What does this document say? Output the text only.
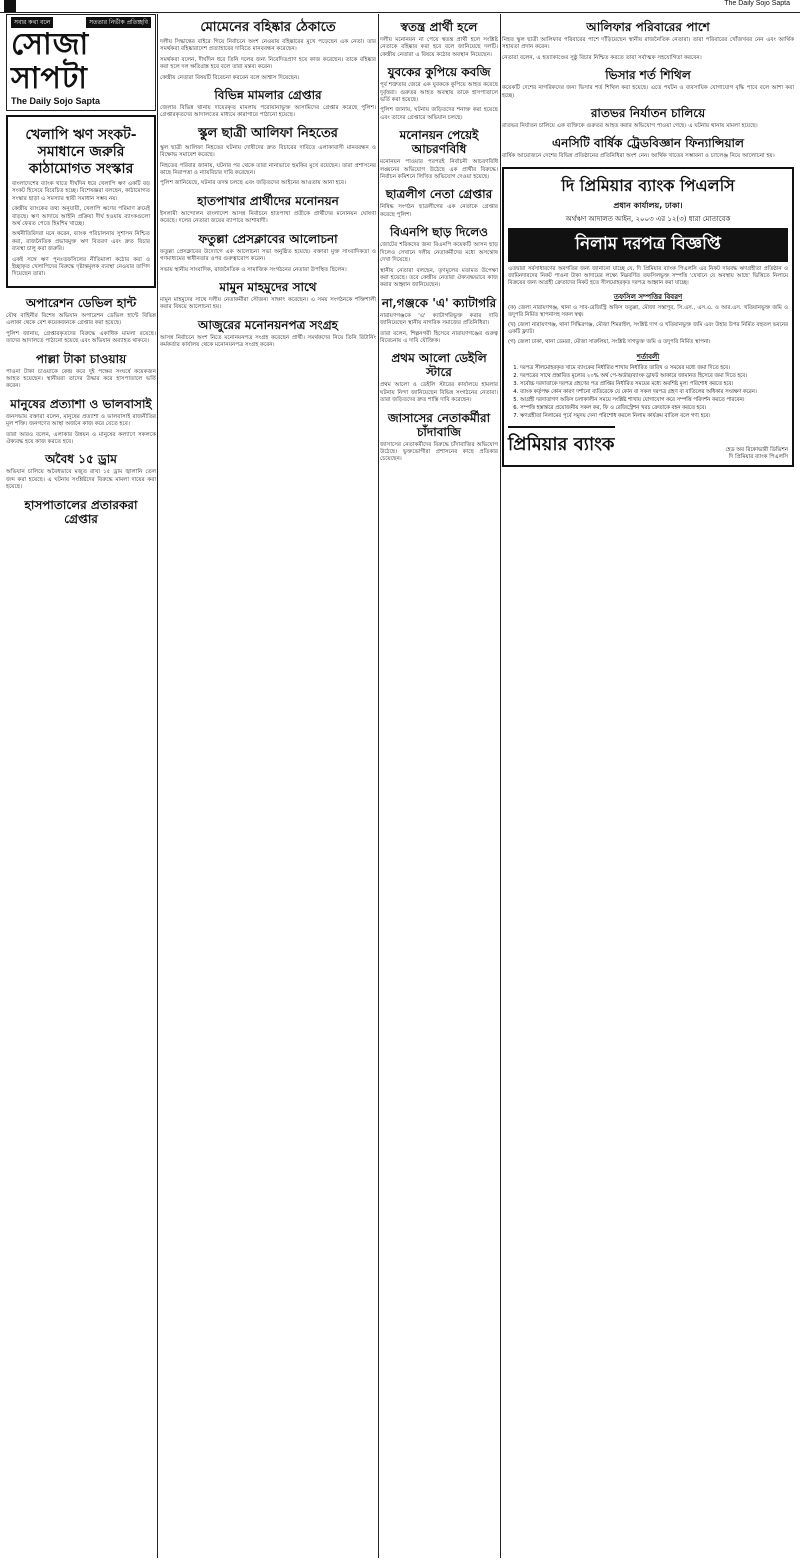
The Daily Sojo Sapta
সবার কথা বলে	সততার নির্ভীক প্রতিচ্ছবি
সোজা সাপটা
The Daily Sojo Sapta
খেলাপি ঋণ সংকট-সমাধানে জরুরি কাঠামোগত সংস্কার

বাংলাদেশের ব্যাংক খাতে দীর্ঘদিন ধরে খেলাপি ঋণ একটি বড় সংকট হিসেবে বিবেচিত হচ্ছে। বিশেষজ্ঞরা বলছেন, কাঠামোগত সংস্কার ছাড়া এ সমস্যার স্থায়ী সমাধান সম্ভব নয়।

কেন্দ্রীয় ব্যাংকের তথ্য অনুযায়ী, খেলাপি ঋণের পরিমাণ ক্রমেই বাড়ছে। ঋণ আদায়ে আইনি প্রক্রিয়া দীর্ঘ হওয়ায় ব্যাংকগুলো অর্থ ফেরত পেতে হিমশিম খাচ্ছে।

অর্থনীতিবিদরা মনে করেন, ব্যাংক পরিচালনায় সুশাসন নিশ্চিত করা, রাজনৈতিক প্রভাবমুক্ত ঋণ বিতরণ এবং দ্রুত বিচার ব্যবস্থা চালু করা জরুরি।

একই সঙ্গে ঋণ পুনঃতফসিলের নীতিমালা কঠোর করা ও ইচ্ছাকৃত খেলাপিদের বিরুদ্ধে দৃষ্টান্তমূলক ব্যবস্থা নেওয়ার তাগিদ দিয়েছেন তারা।

অপারেশন ডেভিল হান্ট

যৌথ বাহিনীর বিশেষ অভিযান অপারেশন ডেভিল হান্টে বিভিন্ন এলাকা থেকে বেশ কয়েকজনকে গ্রেপ্তার করা হয়েছে।

পুলিশ জানায়, গ্রেপ্তারকৃতদের বিরুদ্ধে একাধিক মামলা রয়েছে। তাদের আদালতে পাঠানো হয়েছে এবং অভিযান অব্যাহত থাকবে।

পাল্লা টাকা চাওয়ায়

পাওনা টাকা চাওয়াকে কেন্দ্র করে দুই পক্ষের সংঘর্ষে কয়েকজন আহত হয়েছেন। স্থানীয়রা তাদের উদ্ধার করে হাসপাতালে ভর্তি করেন।

মানুষের প্রত্যাশা ও ভালবাসাই

জনসভায় বক্তারা বলেন, মানুষের প্রত্যাশা ও ভালবাসাই রাজনীতির মূল শক্তি। জনগণের আস্থা অর্জনে কাজ করে যেতে হবে।

তারা আরও বলেন, এলাকার উন্নয়ন ও মানুষের কল্যাণে সকলকে ঐক্যবদ্ধ হয়ে কাজ করতে হবে।

অবৈধ ১৫ ড্রাম

অভিযান চালিয়ে অবৈধভাবে মজুত রাখা ১৫ ড্রাম জ্বালানি তেল জব্দ করা হয়েছে। এ ঘটনায় সংশ্লিষ্টদের বিরুদ্ধে মামলা দায়ের করা হয়েছে।

হাসপাতালের প্রতারকরা গ্রেপ্তার
মোমেনের বহিষ্কার ঠেকাতে

দলীয় সিদ্ধান্তের বাইরে গিয়ে নির্বাচনে অংশ নেওয়ায় বহিষ্কারের মুখে পড়েছেন এক নেতা। তার সমর্থকরা বহিষ্কারাদেশ প্রত্যাহারের দাবিতে মানববন্ধন করেছেন।

সমর্থকরা বলেন, দীর্ঘদিন ধরে তিনি দলের জন্য নিবেদিতপ্রাণ হয়ে কাজ করেছেন। তাকে বহিষ্কার করা হলে দল ক্ষতিগ্রস্ত হবে বলে তারা মন্তব্য করেন।

কেন্দ্রীয় নেতারা বিষয়টি বিবেচনা করবেন বলে আশ্বাস দিয়েছেন।

বিভিন্ন মামলার গ্রেপ্তার

জেলার বিভিন্ন থানায় দায়েরকৃত মামলায় পরোয়ানাভুক্ত আসামিদের গ্রেপ্তার করেছে পুলিশ। গ্রেপ্তারকৃতদের আদালতের মাধ্যমে কারাগারে পাঠানো হয়েছে।

স্কুল ছাত্রী আলিফা নিহতের

স্কুল ছাত্রী আলিফা নিহতের ঘটনায় দোষীদের দ্রুত বিচারের দাবিতে এলাকাবাসী মানববন্ধন ও বিক্ষোভ সমাবেশ করেছে।

নিহতের পরিবার জানায়, ঘটনার পর থেকে তারা নানাভাবে হুমকির মুখে রয়েছেন। তারা প্রশাসনের কাছে নিরাপত্তা ও ন্যায়বিচার দাবি করেছেন।

পুলিশ জানিয়েছে, ঘটনার তদন্ত চলছে এবং জড়িতদের আইনের আওতায় আনা হবে।

হাতপাখার প্রার্থীদের মনোনয়ন

ইসলামী আন্দোলন বাংলাদেশ আসন্ন নির্বাচনে হাতপাখা প্রতীকে প্রার্থীদের মনোনয়ন ঘোষণা করেছে। দলের নেতারা জয়ের ব্যাপারে আশাবাদী।

ফতুল্লা প্রেসক্লাবের আলোচনা

ফতুল্লা প্রেসক্লাবের উদ্যোগে এক আলোচনা সভা অনুষ্ঠিত হয়েছে। বক্তারা মুক্ত সাংবাদিকতা ও গণমাধ্যমের স্বাধীনতার ওপর গুরুত্বারোপ করেন।

সভায় স্থানীয় সাংবাদিক, রাজনৈতিক ও সামাজিক সংগঠনের নেতারা উপস্থিত ছিলেন।

মামুন মাহমুদের সাথে

মামুন মাহমুদের সাথে দলীয় নেতাকর্মীরা সৌজন্য সাক্ষাৎ করেছেন। এ সময় সংগঠনকে শক্তিশালী করার বিষয়ে আলোচনা হয়।

আজুরের মনোনয়নপত্র সংগ্রহ

আসন্ন নির্বাচনে অংশ নিতে মনোনয়নপত্র সংগ্রহ করেছেন প্রার্থী। সমর্থকদের নিয়ে তিনি রিটার্নিং কর্মকর্তার কার্যালয় থেকে মনোনয়নপত্র সংগ্রহ করেন।

স্বতন্ত্র প্রার্থী হলে

দলীয় মনোনয়ন না পেয়ে স্বতন্ত্র প্রার্থী হলে সংশ্লিষ্ট নেতাকে বহিষ্কার করা হবে বলে জানিয়েছে দলটি। কেন্দ্রীয় নেতারা এ বিষয়ে কঠোর অবস্থান নিয়েছেন।

যুবকের কুপিয়ে কবজি

পূর্ব শত্রুতার জেরে এক যুবককে কুপিয়ে আহত করেছে দুর্বৃত্তরা। গুরুতর আহত অবস্থায় তাকে হাসপাতালে ভর্তি করা হয়েছে।

পুলিশ জানায়, ঘটনায় জড়িতদের শনাক্ত করা হয়েছে এবং তাদের গ্রেপ্তারে অভিযান চলছে।

মনোনয়ন পেয়েই আচরণবিধি

মনোনয়ন পাওয়ার পরপরই নির্বাচনী আচরণবিধি লঙ্ঘনের অভিযোগ উঠেছে এক প্রার্থীর বিরুদ্ধে। নির্বাচন কমিশনে লিখিত অভিযোগ দেওয়া হয়েছে।

ছাত্রলীগ নেতা গ্রেপ্তার

নিষিদ্ধ সংগঠন ছাত্রলীগের এক নেতাকে গ্রেপ্তার করেছে পুলিশ।

বিএনপি ছাড় দিলেও

জোটের শরিকদের জন্য বিএনপি কয়েকটি আসন ছাড় দিলেও সেখানে দলীয় নেতাকর্মীদের মধ্যে অসন্তোষ দেখা দিয়েছে।

স্থানীয় নেতারা বলছেন, তৃণমূলের মতামত উপেক্ষা করা হয়েছে। তবে কেন্দ্রীয় নেতারা ঐক্যবদ্ধভাবে কাজ করার আহ্বান জানিয়েছেন।

না,গঞ্জকে 'এ' ক্যাটাগরি

নারায়ণগঞ্জকে 'এ' ক্যাটাগরিভুক্ত করার দাবি জানিয়েছেন স্থানীয় নাগরিক সমাজের প্রতিনিধিরা।

তারা বলেন, শিল্পনগরী হিসেবে নারায়ণগঞ্জের গুরুত্ব বিবেচনায় এ দাবি যৌক্তিক।

প্রথম আলো ডেইলি স্টারে

প্রথম আলো ও ডেইলি স্টারের কার্যালয়ে হামলার ঘটনায় নিন্দা জানিয়েছেন বিভিন্ন সংগঠনের নেতারা। তারা জড়িতদের দ্রুত শাস্তি দাবি করেছেন।

জাসাসের নেতাকর্মীরা চাঁদাবাজি

জাসাসের নেতাকর্মীদের বিরুদ্ধে চাঁদাবাজির অভিযোগ উঠেছে। ভুক্তভোগীরা প্রশাসনের কাছে প্রতিকার চেয়েছেন।

আলিফার পরিবারের পাশে

নিহত স্কুল ছাত্রী আলিফার পরিবারের পাশে দাঁড়িয়েছেন স্থানীয় রাজনৈতিক নেতারা। তারা পরিবারের খোঁজখবর নেন এবং আর্থিক সহায়তা প্রদান করেন।

নেতারা বলেন, এ হত্যাকাণ্ডের সুষ্ঠু বিচার নিশ্চিত করতে তারা সর্বাত্মক সহযোগিতা করবেন।

ভিসার শর্ত শিথিল

কয়েকটি দেশের নাগরিকদের জন্য ভিসার শর্ত শিথিল করা হয়েছে। এতে পর্যটন ও ব্যবসায়িক যোগাযোগ বৃদ্ধি পাবে বলে আশা করা হচ্ছে।

রাতভর নির্যাতন চালিয়ে

রাতভর নির্যাতন চালিয়ে এক ব্যক্তিকে গুরুতর আহত করার অভিযোগ পাওয়া গেছে। এ ঘটনায় থানায় মামলা হয়েছে।

এনসিটি বার্ষিক ট্রেডবিজ্ঞান ফিন্যান্সিয়াল

বার্ষিক আয়োজনে দেশের বিভিন্ন প্রতিষ্ঠানের প্রতিনিধিরা অংশ নেন। আর্থিক খাতের সম্ভাবনা ও চ্যালেঞ্জ নিয়ে আলোচনা হয়।

দি প্রিমিয়ার ব্যাংক পিএলসি
প্রধান কার্যালয়, ঢাকা।
অর্থঋণ আদালত আইন, ২০০৩ এর ১২(৩) ধারা মোতাবেক
নিলাম দরপত্র বিজ্ঞপ্তি

এতদ্বারা সর্বসাধারণের অবগতির জন্য জানানো যাচ্ছে যে, দি প্রিমিয়ার ব্যাংক পিএলসি এর নিকট দায়বদ্ধ ঋণগ্রহীতা প্রতিষ্ঠান ও জামিনদারদের নিকট পাওনা টাকা আদায়ের লক্ষ্যে নিম্নবর্ণিত তফসিলভুক্ত সম্পত্তি 'যেখানে যে অবস্থায় আছে' ভিত্তিতে নিলামে বিক্রয়ের জন্য আগ্রহী ক্রেতাদের নিকট হতে সীলমোহরকৃত দরপত্র আহ্বান করা যাচ্ছে।

তফসিল সম্পত্তির বিবরণ

(ক) জেলা নারায়ণগঞ্জ, থানা ও সাব-রেজিস্ট্রি অফিস ফতুল্লা, মৌজা সস্তাপুর, সি.এস., এস.এ. ও আর.এস. খতিয়ানভুক্ত জমি ও তদুপরি নির্মিত স্থাপনাসহ সকল স্বত্ব।

(খ) জেলা নারায়ণগঞ্জ, থানা সিদ্ধিরগঞ্জ, মৌজা শিমরাইল, সংশ্লিষ্ট দাগ ও খতিয়ানভুক্ত জমি এবং উহার উপর নির্মিত বহুতল ভবনের একটি ফ্ল্যাট।

(গ) জেলা ঢাকা, থানা ডেমরা, মৌজা সারুলিয়া, সংশ্লিষ্ট দাগভুক্ত জমি ও তদুপরি নির্মিত স্থাপনা।

শর্তাবলী
1. দরপত্র সীলমোহরকৃত খামে ব্যাংকের নির্ধারিত শাখায় নির্ধারিত তারিখ ও সময়ের মধ্যে জমা দিতে হবে।
2. দরপত্রের সাথে প্রস্তাবিত মূল্যের ২০% অর্থ পে-অর্ডার/ব্যাংক ড্রাফট আকারে জামানত হিসেবে জমা দিতে হবে।
3. সর্বোচ্চ দরদাতাকে দরপত্র গ্রহণের পত্র প্রাপ্তির নির্ধারিত সময়ের মধ্যে অবশিষ্ট মূল্য পরিশোধ করতে হবে।
4. ব্যাংক কর্তৃপক্ষ কোন কারণ দর্শানো ব্যতিরেকে যে কোন বা সকল দরপত্র গ্রহণ বা বাতিলের অধিকার সংরক্ষণ করেন।
5. আগ্রহী দরদাতাগণ অফিস চলাকালীন সময়ে সংশ্লিষ্ট শাখায় যোগাযোগ করে সম্পত্তি পরিদর্শন করতে পারবেন।
6. সম্পত্তি হস্তান্তরে প্রয়োজনীয় সকল কর, ফি ও রেজিস্ট্রেশন খরচ ক্রেতাকে বহন করতে হবে।
7. ঋণগ্রহীতা নিলামের পূর্বে সমুদয় দেনা পরিশোধ করলে নিলাম কার্যক্রম বাতিল বলে গণ্য হবে।
প্রিমিয়ার ব্যাংক	হেড অব রিকোভারী ডিভিশন
দি প্রিমিয়ার ব্যাংক পিএলসি
